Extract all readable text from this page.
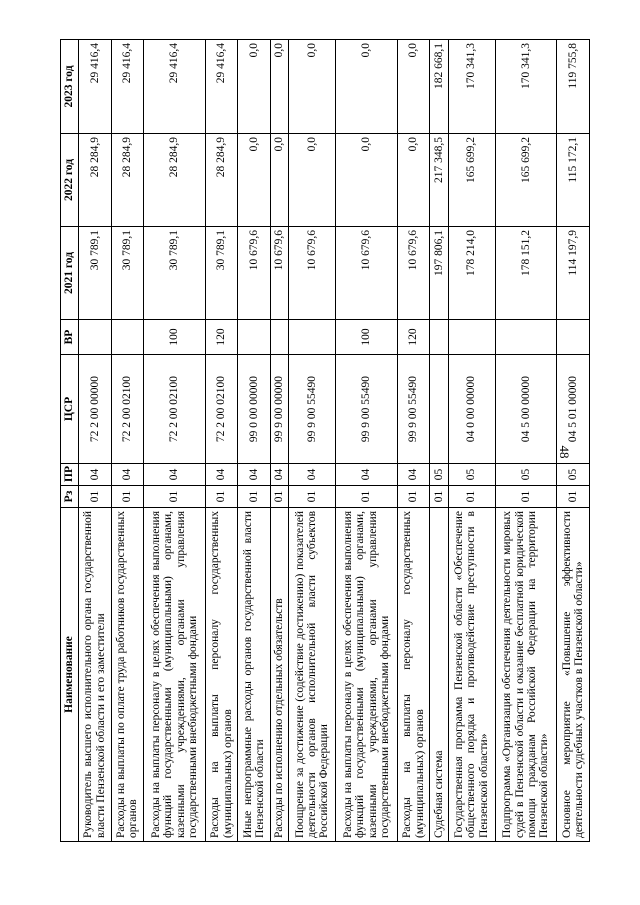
48
Наименование	Рз	ПР	ЦСР	ВР	2021 год	2022 год	2023 год
Руководитель высшего исполнительного органа государственной власти Пензенской области и его заместители	01	04	72 2 00 00000		30 789,1	28 284,9	29 416,4
Расходы на выплаты по оплате труда работников государственных органов	01	04	72 2 00 02100		30 789,1	28 284,9	29 416,4
Расходы на выплаты персоналу в целях обеспечения выполнения функций государственными (муниципальными) органами, казенными учреждениями, органами управления государственными внебюджетными фондами	01	04	72 2 00 02100	100	30 789,1	28 284,9	29 416,4
Расходы на выплаты персоналу государственных (муниципальных) органов	01	04	72 2 00 02100	120	30 789,1	28 284,9	29 416,4
Иные непрограммные расходы органов государственной власти Пензенской области	01	04	99 0 00 00000		10 679,6	0,0	0,0
Расходы по исполнению отдельных обязательств	01	04	99 9 00 00000		10 679,6	0,0	0,0
Поощрение за достижение (содействие достижению) показателей деятельности органов исполнительной власти субъектов Российской Федерации	01	04	99 9 00 55490		10 679,6	0,0	0,0
Расходы на выплаты персоналу в целях обеспечения выполнения функций государственными (муниципальными) органами, казенными учреждениями, органами управления государственными внебюджетными фондами	01	04	99 9 00 55490	100	10 679,6	0,0	0,0
Расходы на выплаты персоналу государственных (муниципальных) органов	01	04	99 9 00 55490	120	10 679,6	0,0	0,0
Судебная система	01	05			197 806,1	217 348,5	182 668,1
Государственная программа Пензенской области «Обеспечение общественного порядка и противодействие преступности в Пензенской области»	01	05	04 0 00 00000		178 214,0	165 699,2	170 341,3
Подпрограмма «Организация обеспечения деятельности мировых судей в Пензенской области и оказание бесплатной юридической помощи гражданам Российской Федерации на территории Пензенской области»	01	05	04 5 00 00000		178 151,2	165 699,2	170 341,3
Основное мероприятие «Повышение эффективности деятельности судебных участков в Пензенской области»	01	05	04 5 01 00000		114 197,9	115 172,1	119 755,8
